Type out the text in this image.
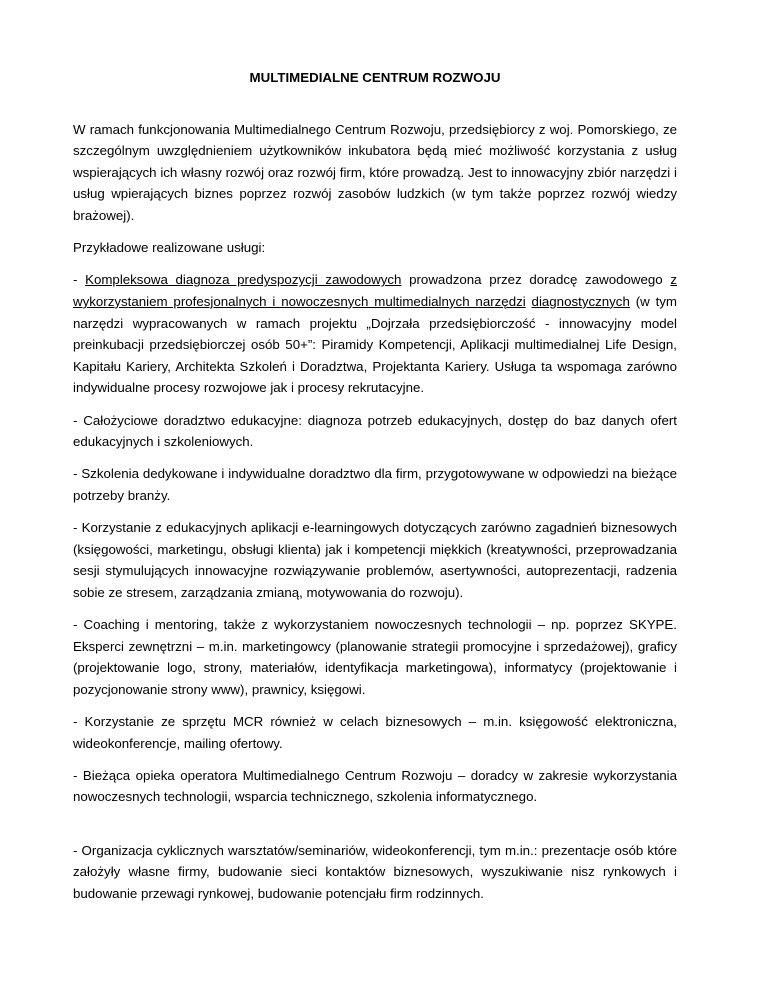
MULTIMEDIALNE CENTRUM ROZWOJU

W ramach funkcjonowania Multimedialnego Centrum Rozwoju, przedsiębiorcy z woj. Pomorskiego, ze szczególnym uwzględnieniem użytkowników inkubatora będą mieć możliwość korzystania z usług wspierających ich własny rozwój oraz rozwój firm, które prowadzą. Jest to innowacyjny zbiór narzędzi i usług wpierających biznes poprzez rozwój zasobów ludzkich (w tym także poprzez rozwój wiedzy brażowej).

Przykładowe realizowane usługi:

- Kompleksowa diagnoza predyspozycji zawodowych prowadzona przez doradcę zawodowego z wykorzystaniem profesjonalnych i nowoczesnych multimedialnych narzędzi diagnostycznych (w tym narzędzi wypracowanych w ramach projektu „Dojrzała przedsiębiorczość - innowacyjny model preinkubacji przedsiębiorczej osób 50+”: Piramidy Kompetencji, Aplikacji multimedialnej Life Design, Kapitału Kariery, Architekta Szkoleń i Doradztwa, Projektanta Kariery. Usługa ta wspomaga zarówno indywidualne procesy rozwojowe jak i procesy rekrutacyjne.

- Całożyciowe doradztwo edukacyjne: diagnoza potrzeb edukacyjnych, dostęp do baz danych ofert edukacyjnych i szkoleniowych.

- Szkolenia dedykowane i indywidualne doradztwo dla firm, przygotowywane w odpowiedzi na bieżące potrzeby branży.

- Korzystanie z edukacyjnych aplikacji e-learningowych dotyczących zarówno zagadnień biznesowych (księgowości, marketingu, obsługi klienta) jak i kompetencji miękkich (kreatywności, przeprowadzania sesji stymulujących innowacyjne rozwiązywanie problemów, asertywności, autoprezentacji, radzenia sobie ze stresem, zarządzania zmianą, motywowania do rozwoju).

- Coaching i mentoring, także z wykorzystaniem nowoczesnych technologii – np. poprzez SKYPE. Eksperci zewnętrzni – m.in. marketingowcy (planowanie strategii promocyjne i sprzedażowej), graficy (projektowanie logo, strony, materiałów, identyfikacja marketingowa), informatycy (projektowanie i pozycjonowanie strony www), prawnicy, księgowi.

- Korzystanie ze sprzętu MCR również w celach biznesowych – m.in. księgowość elektroniczna, wideokonferencje, mailing ofertowy.

- Bieżąca opieka operatora Multimedialnego Centrum Rozwoju – doradcy w zakresie wykorzystania nowoczesnych technologii, wsparcia technicznego, szkolenia informatycznego.

- Organizacja cyklicznych warsztatów/seminariów, wideokonferencji, tym m.in.: prezentacje osób które założyły własne firmy, budowanie sieci kontaktów biznesowych, wyszukiwanie nisz rynkowych i budowanie przewagi rynkowej, budowanie potencjału firm rodzinnych.
